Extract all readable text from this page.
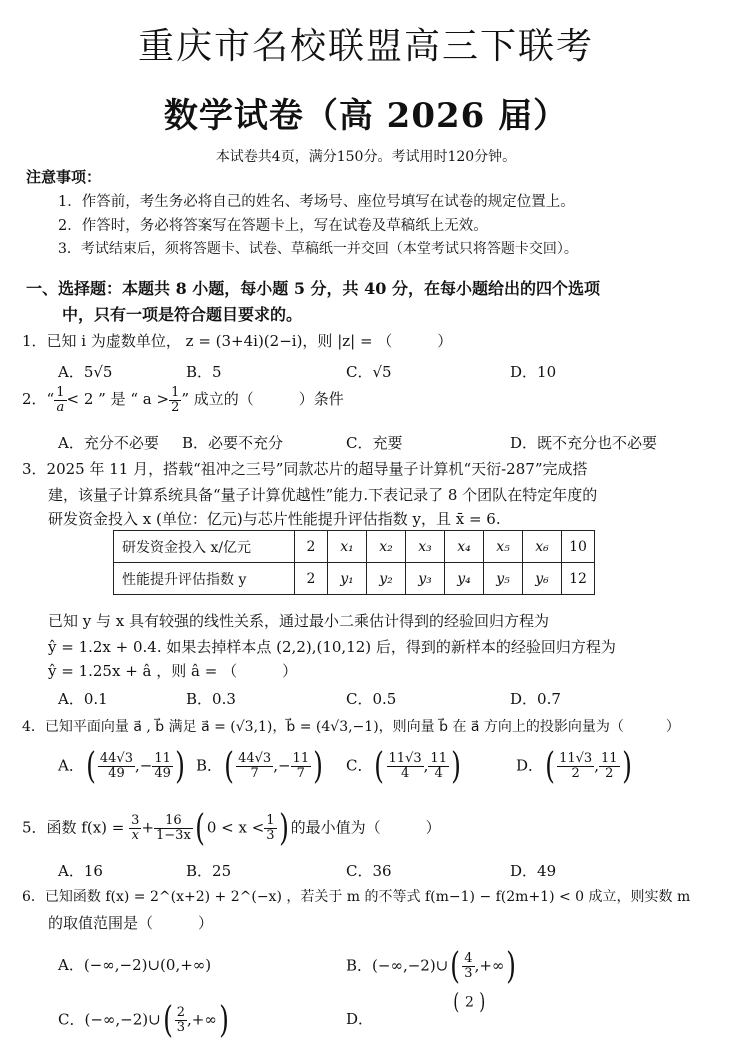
重庆市名校联盟高三下联考
数学试卷（高 2026 届）
本试卷共4页，满分150分。考试用时120分钟。
注意事项：
1．作答前，考生务必将自己的姓名、考场号、座位号填写在试卷的规定位置上。
2．作答时，务必将答案写在答题卡上，写在试卷及草稿纸上无效。
3．考试结束后，须将答题卡、试卷、草稿纸一并交回（本堂考试只将答题卡交回）。
一、选择题：本题共 8 小题，每小题 5 分，共 40 分，在每小题给出的四个选项
中，只有一项是符合题目要求的。
1．已知 i 为虚数单位， z = (3+4i)(2−i)，则 |z| = （　　　）
A．5√5	B．5	C．√5	D．10
2．“ $\frac{1}{a} < 2$ ” 是 “ $a > \frac{1}{2}$ ” 成立的（　　　）条件
A．充分不必要 B．必要不充分	C．充要	D．既不充分也不必要
3．2025 年 11 月，搭载“祖冲之三号”同款芯片的超导量子计算机“天衍-287”完成搭
建，该量子计算系统具备“量子计算优越性”能力.下表记录了 8 个团队在特定年度的
研发资金投入 x (单位：亿元)与芯片性能提升评估指数 y，且 x̄ = 6.
研发资金投入 x/亿元	2	x₁	x₂	x₃	x₄	x₅	x₆	10
性能提升评估指数 y	2	y₁	y₂	y₃	y₄	y₅	y₆	12
已知 y 与 x 具有较强的线性关系，通过最小二乘估计得到的经验回归方程为
ŷ = 1.2x + 0.4. 如果去掉样本点 (2,2),(10,12) 后，得到的新样本的经验回归方程为
ŷ = 1.25x + â ，则 â = （　　　）
A．0.1	B．0.3	C．0.5	D．0.7
4．已知平面向量 a⃗ , b⃗ 满足 a⃗ = (√3,1)，b⃗ = (4√3,−1)，则向量 b⃗ 在 a⃗ 方向上的投影向量为（　　　）
A．( $\frac{44√3}{49}$ ,− $\frac{11}{49}$ ) B．( $\frac{44√3}{7}$ ,− $\frac{11}{7}$ ) C．( $\frac{11√3}{4}$ , $\frac{11}{4}$ )	D．( $\frac{11√3}{2}$ , $\frac{11}{2}$ )
5．函数 $f(x) = \frac{3}{x} + \frac{16}{1-3x}$ ( $0 < x < \frac{1}{3}$ ) 的最小值为（　　　）
A．16	B．25	C．36	D．49
6．已知函数 f(x) = 2^(x+2) + 2^(−x) ，若关于 m 的不等式 f(m−1) − f(2m+1) < 0 成立，则实数 m
的取值范围是（　　　）
A．(−∞,−2)∪(0,+∞)	B．(−∞,−2)∪( $\frac{4}{3}$ ,+∞)
C．(−∞,−2)∪( $\frac{2}{3}$ ,+∞)	D．
( 2 )
